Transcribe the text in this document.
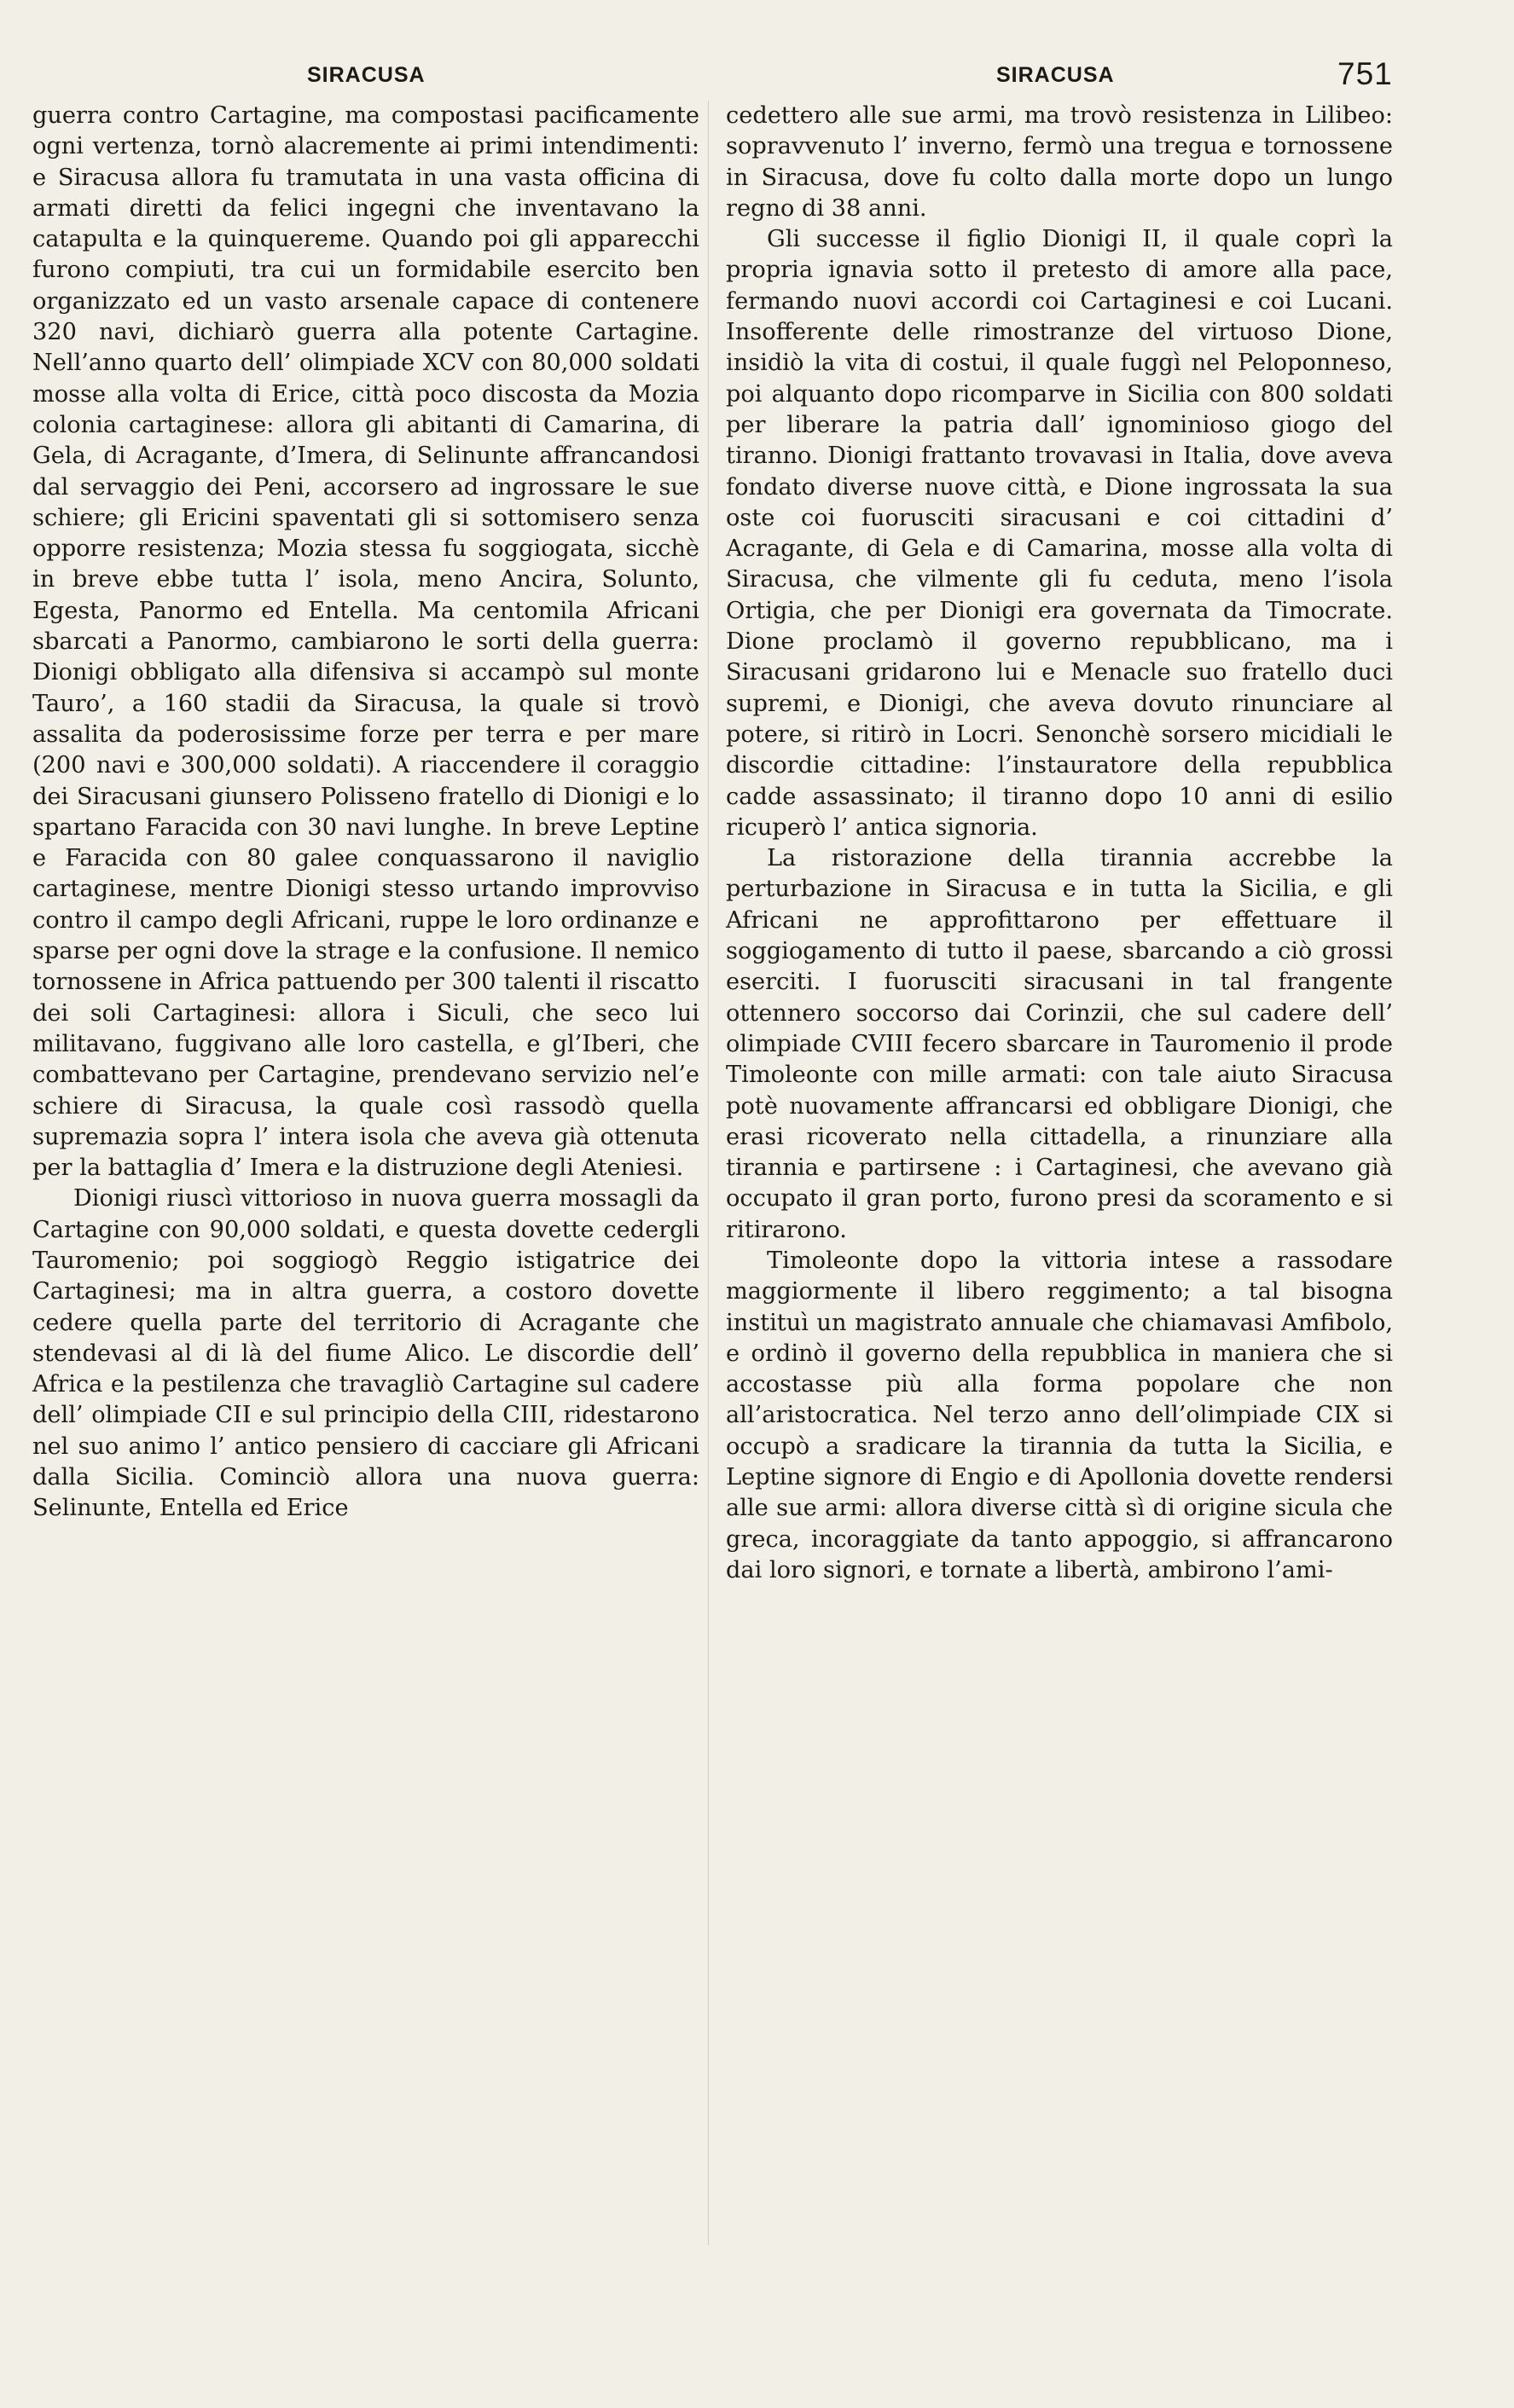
SIRACUSA	SIRACUSA	751

guerra contro Cartagine, ma compostasi pacificamente ogni vertenza, tornò alacremente ai primi intendimenti: e Siracusa allora fu tramutata in una vasta officina di armati diretti da felici ingegni che inventavano la catapulta e la quinquereme. Quando poi gli apparecchi furono compiuti, tra cui un formidabile esercito ben organizzato ed un vasto arsenale capace di contenere 320 navi, dichiarò guerra alla potente Cartagine. Nell’anno quarto dell’ olimpiade XCV con 80,000 soldati mosse alla volta di Erice, città poco discosta da Mozia colonia cartaginese: allora gli abitanti di Camarina, di Gela, di Acragante, d’Imera, di Selinunte affrancandosi dal servaggio dei Peni, accorsero ad ingrossare le sue schiere; gli Ericini spaventati gli si sottomisero senza opporre resistenza; Mozia stessa fu soggiogata, sicchè in breve ebbe tutta l’ isola, meno Ancira, Solunto, Egesta, Panormo ed Entella. Ma centomila Africani sbarcati a Panormo, cambiarono le sorti della guerra: Dionigi obbligato alla difensiva si accampò sul monte Tauro’, a 160 stadii da Siracusa, la quale si trovò assalita da poderosissime forze per terra e per mare (200 navi e 300,000 soldati). A riaccendere il coraggio dei Siracusani giunsero Polisseno fratello di Dionigi e lo spartano Faracida con 30 navi lunghe. In breve Leptine e Faracida con 80 galee conquassarono il naviglio cartaginese, mentre Dionigi stesso urtando improvviso contro il campo degli Africani, ruppe le loro ordinanze e sparse per ogni dove la strage e la confusione. Il nemico tornossene in Africa pattuendo per 300 talenti il riscatto dei soli Cartaginesi: allora i Siculi, che seco lui militavano, fuggivano alle loro castella, e gl’Iberi, che combattevano per Cartagine, prendevano servizio nel’e schiere di Siracusa, la quale così rassodò quella supremazia sopra l’ intera isola che aveva già ottenuta per la battaglia d’ Imera e la distruzione degli Ateniesi.

Dionigi riuscì vittorioso in nuova guerra mossagli da Cartagine con 90,000 soldati, e questa dovette cedergli Tauromenio; poi soggiogò Reggio istigatrice dei Cartaginesi; ma in altra guerra, a costoro dovette cedere quella parte del territorio di Acragante che stendevasi al di là del fiume Alico. Le discordie dell’ Africa e la pestilenza che travagliò Cartagine sul cadere dell’ olimpiade CII e sul principio della CIII, ridestarono nel suo animo l’ antico pensiero di cacciare gli Africani dalla Sicilia. Cominciò allora una nuova guerra: Selinunte, Entella ed Erice

cedettero alle sue armi, ma trovò resistenza in Lilibeo: sopravvenuto l’ inverno, fermò una tregua e tornossene in Siracusa, dove fu colto dalla morte dopo un lungo regno di 38 anni.

Gli successe il figlio Dionigi II, il quale coprì la propria ignavia sotto il pretesto di amore alla pace, fermando nuovi accordi coi Cartaginesi e coi Lucani. Insofferente delle rimostranze del virtuoso Dione, insidiò la vita di costui, il quale fuggì nel Peloponneso, poi alquanto dopo ricomparve in Sicilia con 800 soldati per liberare la patria dall’ ignominioso giogo del tiranno. Dionigi frattanto trovavasi in Italia, dove aveva fondato diverse nuove città, e Dione ingrossata la sua oste coi fuorusciti siracusani e coi cittadini d’ Acragante, di Gela e di Camarina, mosse alla volta di Siracusa, che vilmente gli fu ceduta, meno l’isola Ortigia, che per Dionigi era governata da Timocrate. Dione proclamò il governo repubblicano, ma i Siracusani gridarono lui e Menacle suo fratello duci supremi, e Dionigi, che aveva dovuto rinunciare al potere, si ritirò in Locri. Senonchè sorsero micidiali le discordie cittadine: l’instauratore della repubblica cadde assassinato; il tiranno dopo 10 anni di esilio ricuperò l’ antica signoria.

La ristorazione della tirannia accrebbe la perturbazione in Siracusa e in tutta la Sicilia, e gli Africani ne approfittarono per effettuare il soggiogamento di tutto il paese, sbarcando a ciò grossi eserciti. I fuorusciti siracusani in tal frangente ottennero soccorso dai Corinzii, che sul cadere dell’ olimpiade CVIII fecero sbarcare in Tauromenio il prode Timoleonte con mille armati: con tale aiuto Siracusa potè nuovamente affrancarsi ed obbligare Dionigi, che erasi ricoverato nella cittadella, a rinunziare alla tirannia e partirsene : i Cartaginesi, che avevano già occupato il gran porto, furono presi da scoramento e si ritirarono.

Timoleonte dopo la vittoria intese a rassodare maggiormente il libero reggimento; a tal bisogna instituì un magistrato annuale che chiamavasi Amfibolo, e ordinò il governo della repubblica in maniera che si accostasse più alla forma popolare che non all’aristocratica. Nel terzo anno dell’olimpiade CIX si occupò a sradicare la tirannia da tutta la Sicilia, e Leptine signore di Engio e di Apollonia dovette rendersi alle sue armi: allora diverse città sì di origine sicula che greca, incoraggiate da tanto appoggio, si affrancarono dai loro signori, e tornate a libertà, ambirono l’ami-
